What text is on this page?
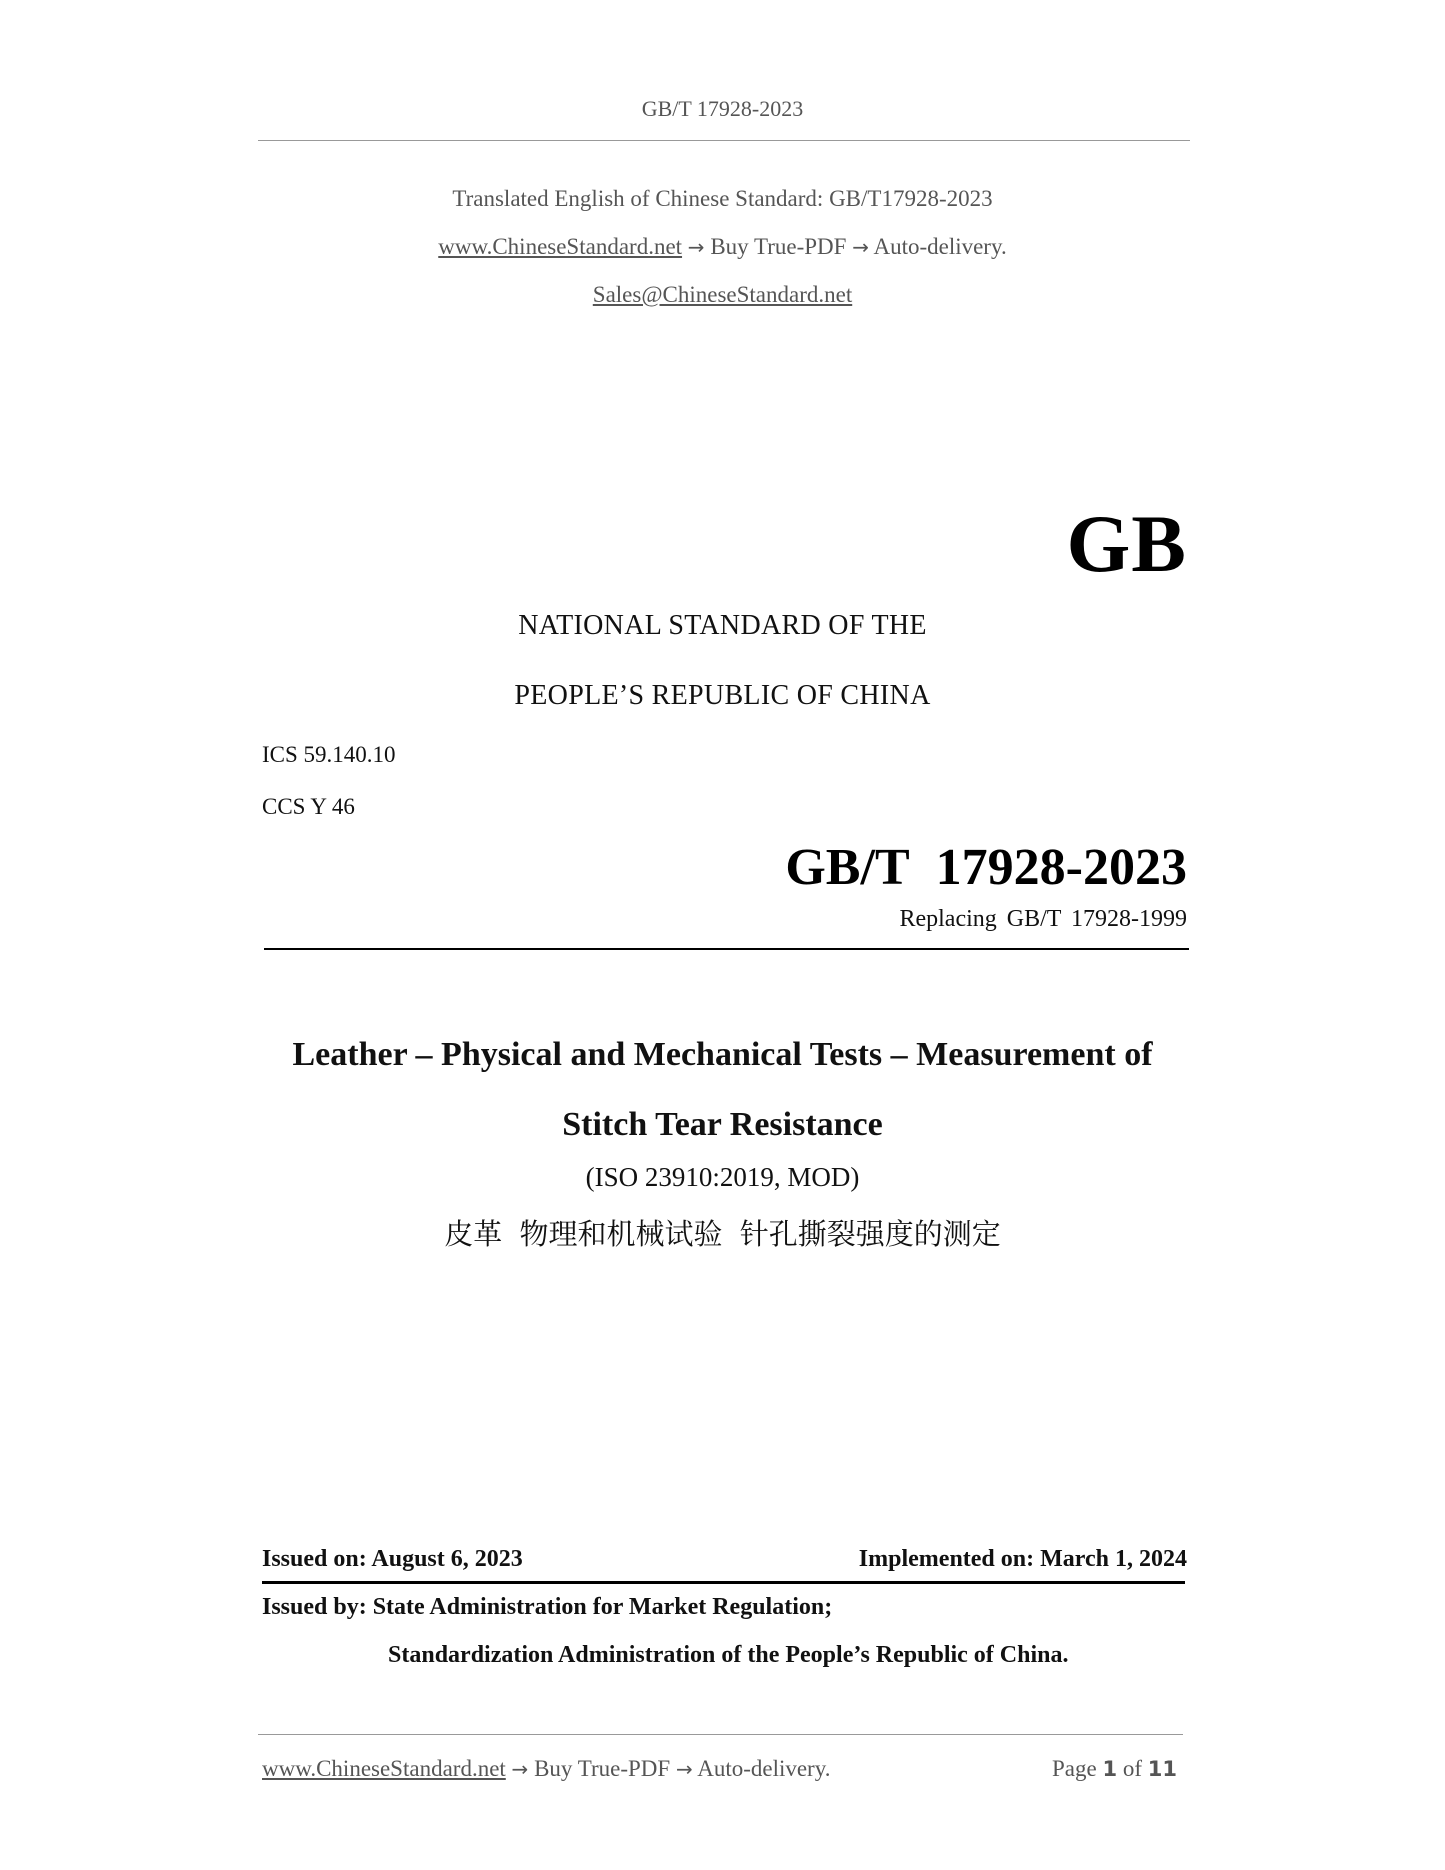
GB/T 17928-2023
Translated English of Chinese Standard: GB/T17928-2023
www.ChineseStandard.net → Buy True-PDF → Auto-delivery.
Sales@ChineseStandard.net
GB
NATIONAL STANDARD OF THE
PEOPLE’S REPUBLIC OF CHINA
ICS 59.140.10
CCS Y 46
GB/T 17928-2023
Replacing GB/T 17928-1999
Leather – Physical and Mechanical Tests – Measurement of
Stitch Tear Resistance
(ISO 23910:2019, MOD)
皮革 物理和机械试验 针孔撕裂强度的测定
Issued on: August 6, 2023	Implemented on: March 1, 2024
Issued by: State Administration for Market Regulation;
Standardization Administration of the People’s Republic of China.
www.ChineseStandard.net → Buy True-PDF → Auto-delivery.	Page 1 of 11
